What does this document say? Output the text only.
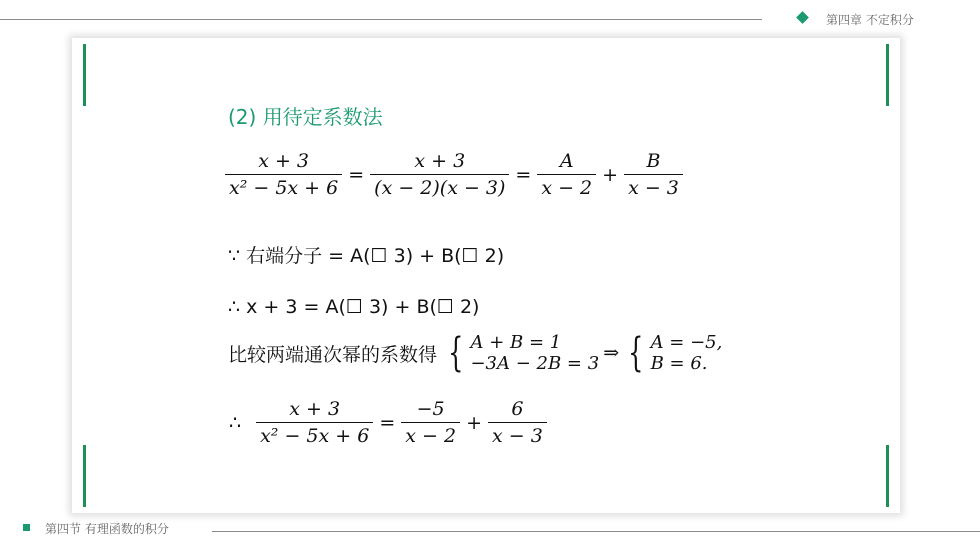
第四章 不定积分
(2) 用待定系数法
$\frac{x + 3}{\text{x² − 5x + 6}} = \frac{x + 3}{(x - 2)(x - 3)} = \frac{A}{x - 2} + \frac{B}{x - 3}$
∵ 右端分子 = A(☐ 3) + B(☐ 2)
∴ x + 3 = A(☐ 3) + B(☐ 2)
比较两端通次幂的系数得 { A + B = 1
−3A − 2B = 3 ⇒ { A = −5,
B = 6.
∴ $\frac{x + 3}{\text{x² − 5x + 6}} = \frac{-5}{x - 2} + \frac{6}{x - 3}$
第四节 有理函数的积分
